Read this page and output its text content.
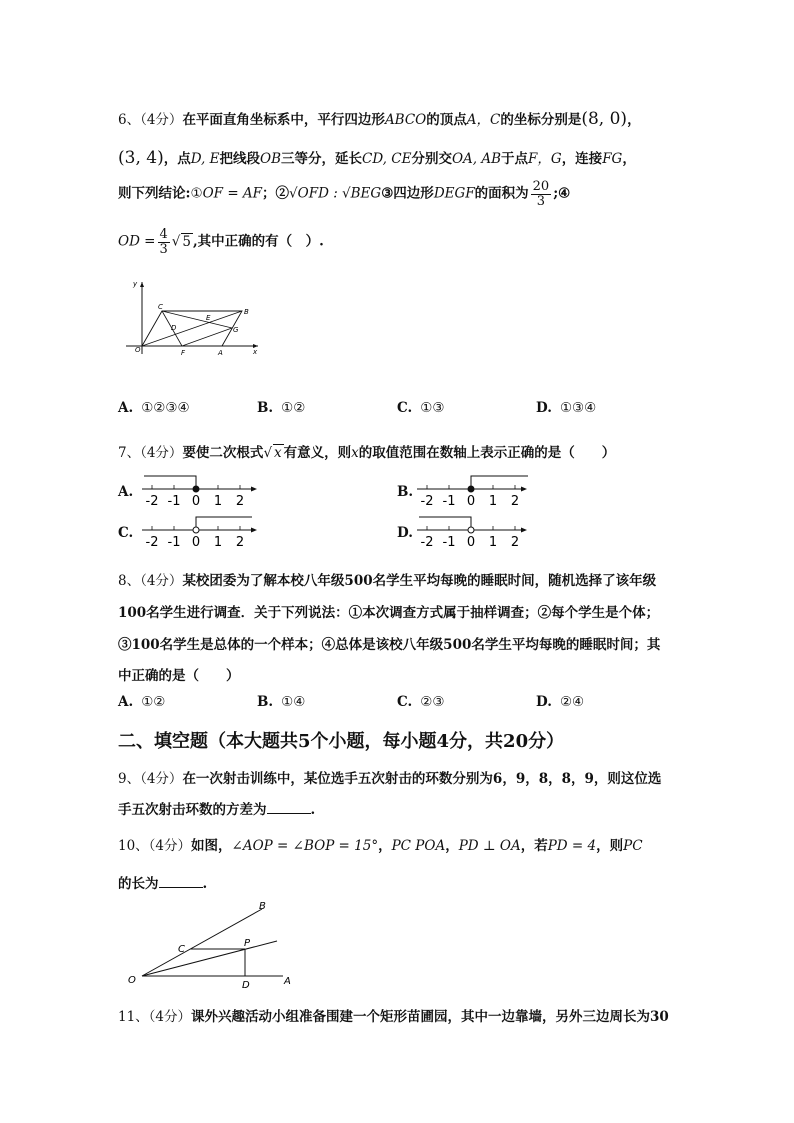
6、（4分）在平面直角坐标系中，平行四边形ABCO的顶点A，C的坐标分别是(8, 0)，
(3, 4)，点D, E把线段OB三等分，延长CD, CE分别交OA, AB于点F，G，连接FG，
则下列结论:①OF = AF；②√OFD : √BEG③四边形DEGF的面积为 $\frac{20}{3}$ ;④
OD = $\frac{4}{3}$ √ 5 ,其中正确的有（　）.
y
x
O
C
B
E
D	G
F	A
A. ①②③④	B. ①②	C. ①③	D. ①③④
7、（4分）要使二次根式√ x 有意义，则x的取值范围在数轴上表示正确的是（　　）
A.	B.
C.	D.
-2 -1 0 1 2	-2 -1 0 1 2
-2 -1 0 1 2	-2 -1 0 1 2
8、（4分）某校团委为了解本校八年级500名学生平均每晚的睡眠时间，随机选择了该年级
100名学生进行调查．关于下列说法：①本次调查方式属于抽样调查；②每个学生是个体；
③100名学生是总体的一个样本；④总体是该校八年级500名学生平均每晚的睡眠时间；其
中正确的是（　　）
A. ①②	B. ①④	C. ②③	D. ②④
二、填空题（本大题共5个小题，每小题4分，共20分）
9、（4分）在一次射击训练中，某位选手五次射击的环数分别为6，9，8，8，9，则这位选
手五次射击环数的方差为	.
10、（4分）如图，∠AOP = ∠BOP = 15°，PC POA，PD ⊥ OA，若PD = 4，则PC
的长为	.
B
C
P
O	D	A
11、（4分）课外兴趣活动小组准备围建一个矩形苗圃园，其中一边靠墙，另外三边周长为30
